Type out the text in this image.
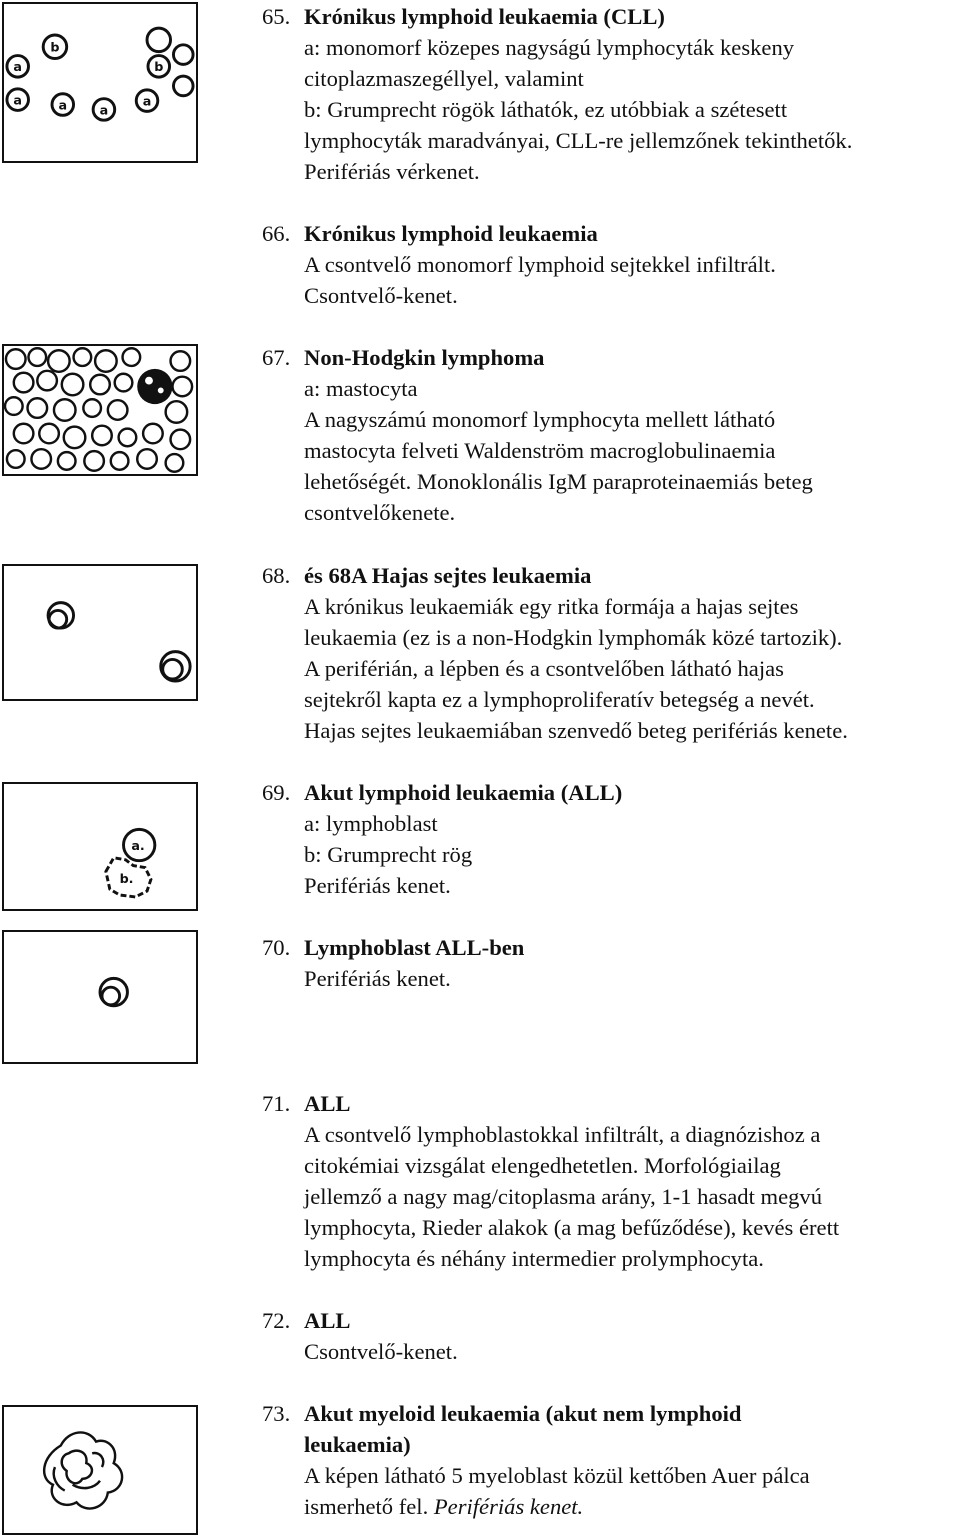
b
b
a
a	a	a
a
a.
b.
65. Krónikus lymphoid leukaemia (CLL)
a: monomorf közepes nagyságú lymphocyták keskeny
citoplazmaszegéllyel, valamint
b: Grumprecht rögök láthatók, ez utóbbiak a szétesett
lymphocyták maradványai, CLL-re jellemzőnek tekinthetők.
Perifériás vérkenet.
66. Krónikus lymphoid leukaemia
A csontvelő monomorf lymphoid sejtekkel infiltrált.
Csontvelő-kenet.
67. Non-Hodgkin lymphoma
a: mastocyta
A nagyszámú monomorf lymphocyta mellett látható
mastocyta felveti Waldenström macroglobulinaemia
lehetőségét. Monoklonális IgM paraproteinaemiás beteg
csontvelőkenete.
68. és 68A Hajas sejtes leukaemia
A krónikus leukaemiák egy ritka formája a hajas sejtes
leukaemia (ez is a non-Hodgkin lymphomák közé tartozik).
A periférián, a lépben és a csontvelőben látható hajas
sejtekről kapta ez a lymphoproliferatív betegség a nevét.
Hajas sejtes leukaemiában szenvedő beteg perifériás kenete.
69. Akut lymphoid leukaemia (ALL)
a: lymphoblast
b: Grumprecht rög
Perifériás kenet.
70. Lymphoblast ALL-ben
Perifériás kenet.
71. ALL
A csontvelő lymphoblastokkal infiltrált, a diagnózishoz a
citokémiai vizsgálat elengedhetetlen. Morfológiailag
jellemző a nagy mag/citoplasma arány, 1-1 hasadt megvú
lymphocyta, Rieder alakok (a mag befűződése), kevés érett
lymphocyta és néhány intermedier prolymphocyta.
72. ALL
Csontvelő-kenet.
73. Akut myeloid leukaemia (akut nem lymphoid
leukaemia)
A képen látható 5 myeloblast közül kettőben Auer pálca
ismerhető fel. Perifériás kenet.
